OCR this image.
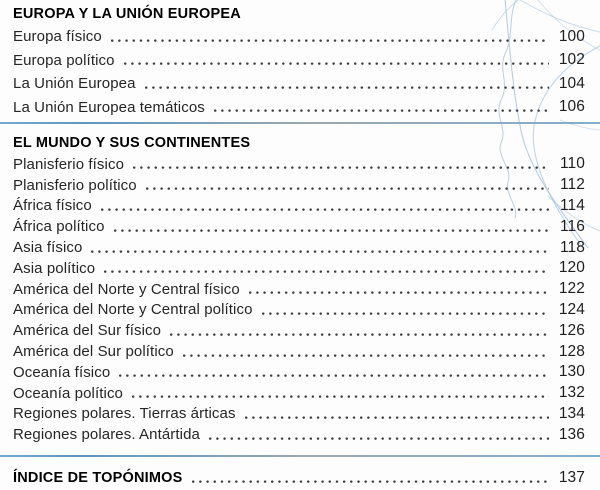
EUROPA Y LA UNIÓN EUROPEA
Europa físico	100
Europa político	102
La Unión Europea	104
La Unión Europea temáticos	106
EL MUNDO Y SUS CONTINENTES
Planisferio físico	110
Planisferio político	112
África físico	114
África político	116
Asia físico	118
Asia político	120
América del Norte y Central físico	122
América del Norte y Central político	124
América del Sur físico	126
América del Sur político	128
Oceanía físico	130
Oceanía político	132
Regiones polares. Tierras árticas	134
Regiones polares. Antártida	136
ÍNDICE DE TOPÓNIMOS	137
